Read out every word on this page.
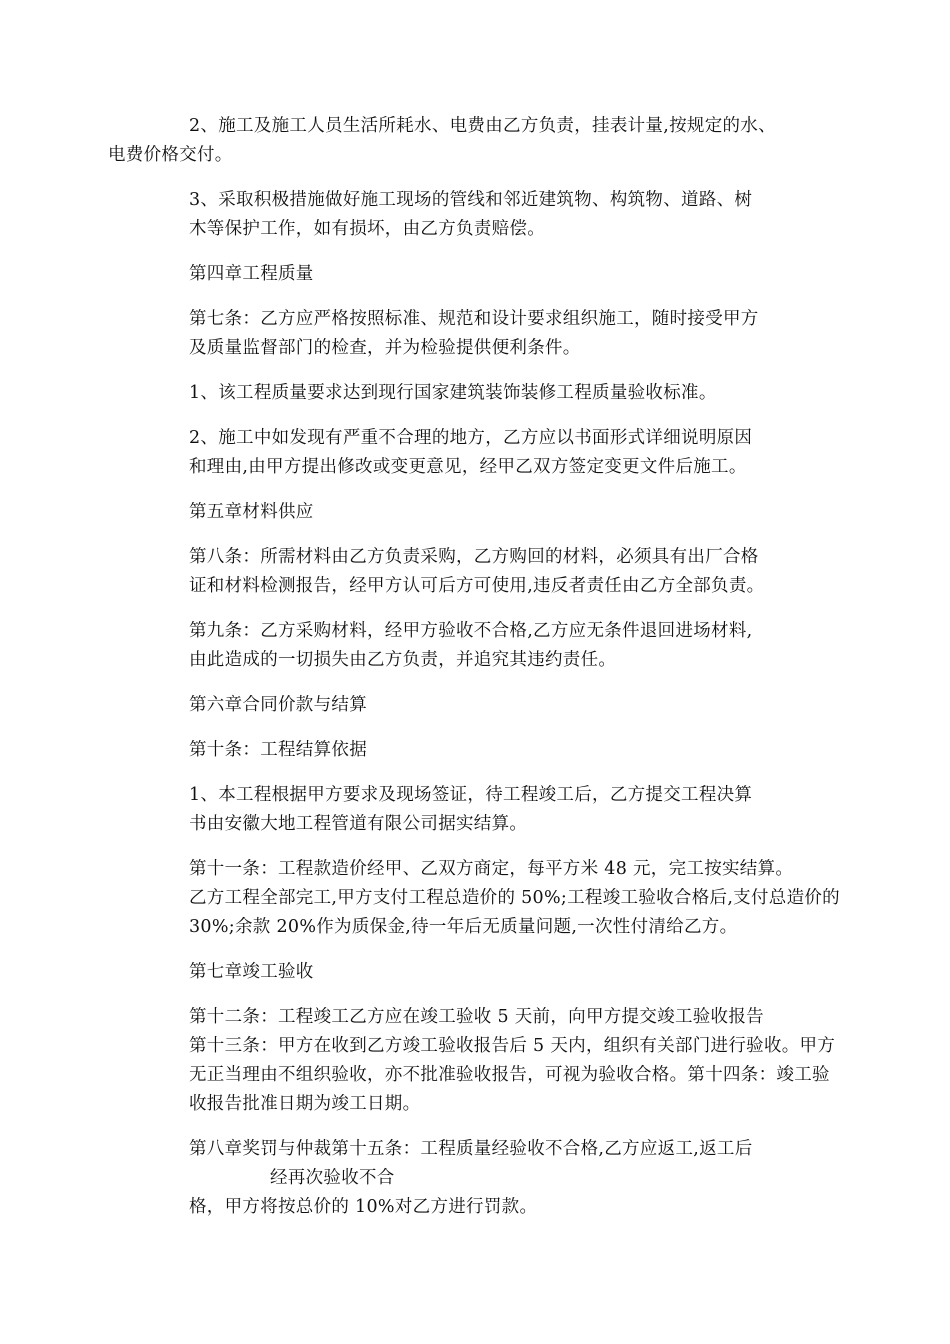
2、施工及施工人员生活所耗水、电费由乙方负责，挂表计量,按规定的水、
电费价格交付。

3、采取积极措施做好施工现场的管线和邻近建筑物、构筑物、道路、树
木等保护工作，如有损坏，由乙方负责赔偿。

第四章工程质量

第七条：乙方应严格按照标准、规范和设计要求组织施工，随时接受甲方
及质量监督部门的检查，并为检验提供便利条件。

1、该工程质量要求达到现行国家建筑装饰装修工程质量验收标准。

2、施工中如发现有严重不合理的地方，乙方应以书面形式详细说明原因
和理由,由甲方提出修改或变更意见，经甲乙双方签定变更文件后施工。

第五章材料供应

第八条：所需材料由乙方负责采购，乙方购回的材料，必须具有出厂合格
证和材料检测报告，经甲方认可后方可使用,违反者责任由乙方全部负责。

第九条：乙方采购材料，经甲方验收不合格,乙方应无条件退回进场材料,
由此造成的一切损失由乙方负责，并追究其违约责任。

第六章合同价款与结算

第十条：工程结算依据

1、本工程根据甲方要求及现场签证，待工程竣工后，乙方提交工程决算
书由安徽大地工程管道有限公司据实结算。

第十一条：工程款造价经甲、乙双方商定，每平方米 48 元，完工按实结算。
乙方工程全部完工,甲方支付工程总造价的 50%;工程竣工验收合格后,支付总造价的
30%;余款 20%作为质保金,待一年后无质量问题,一次性付清给乙方。

第七章竣工验收

第十二条：工程竣工乙方应在竣工验收 5 天前，向甲方提交竣工验收报告
第十三条：甲方在收到乙方竣工验收报告后 5 天内，组织有关部门进行验收。甲方
无正当理由不组织验收，亦不批准验收报告，可视为验收合格。第十四条：竣工验
收报告批准日期为竣工日期。

第八章奖罚与仲裁第十五条：工程质量经验收不合格,乙方应返工,返工后
经再次验收不合
格，甲方将按总价的 10%对乙方进行罚款。
